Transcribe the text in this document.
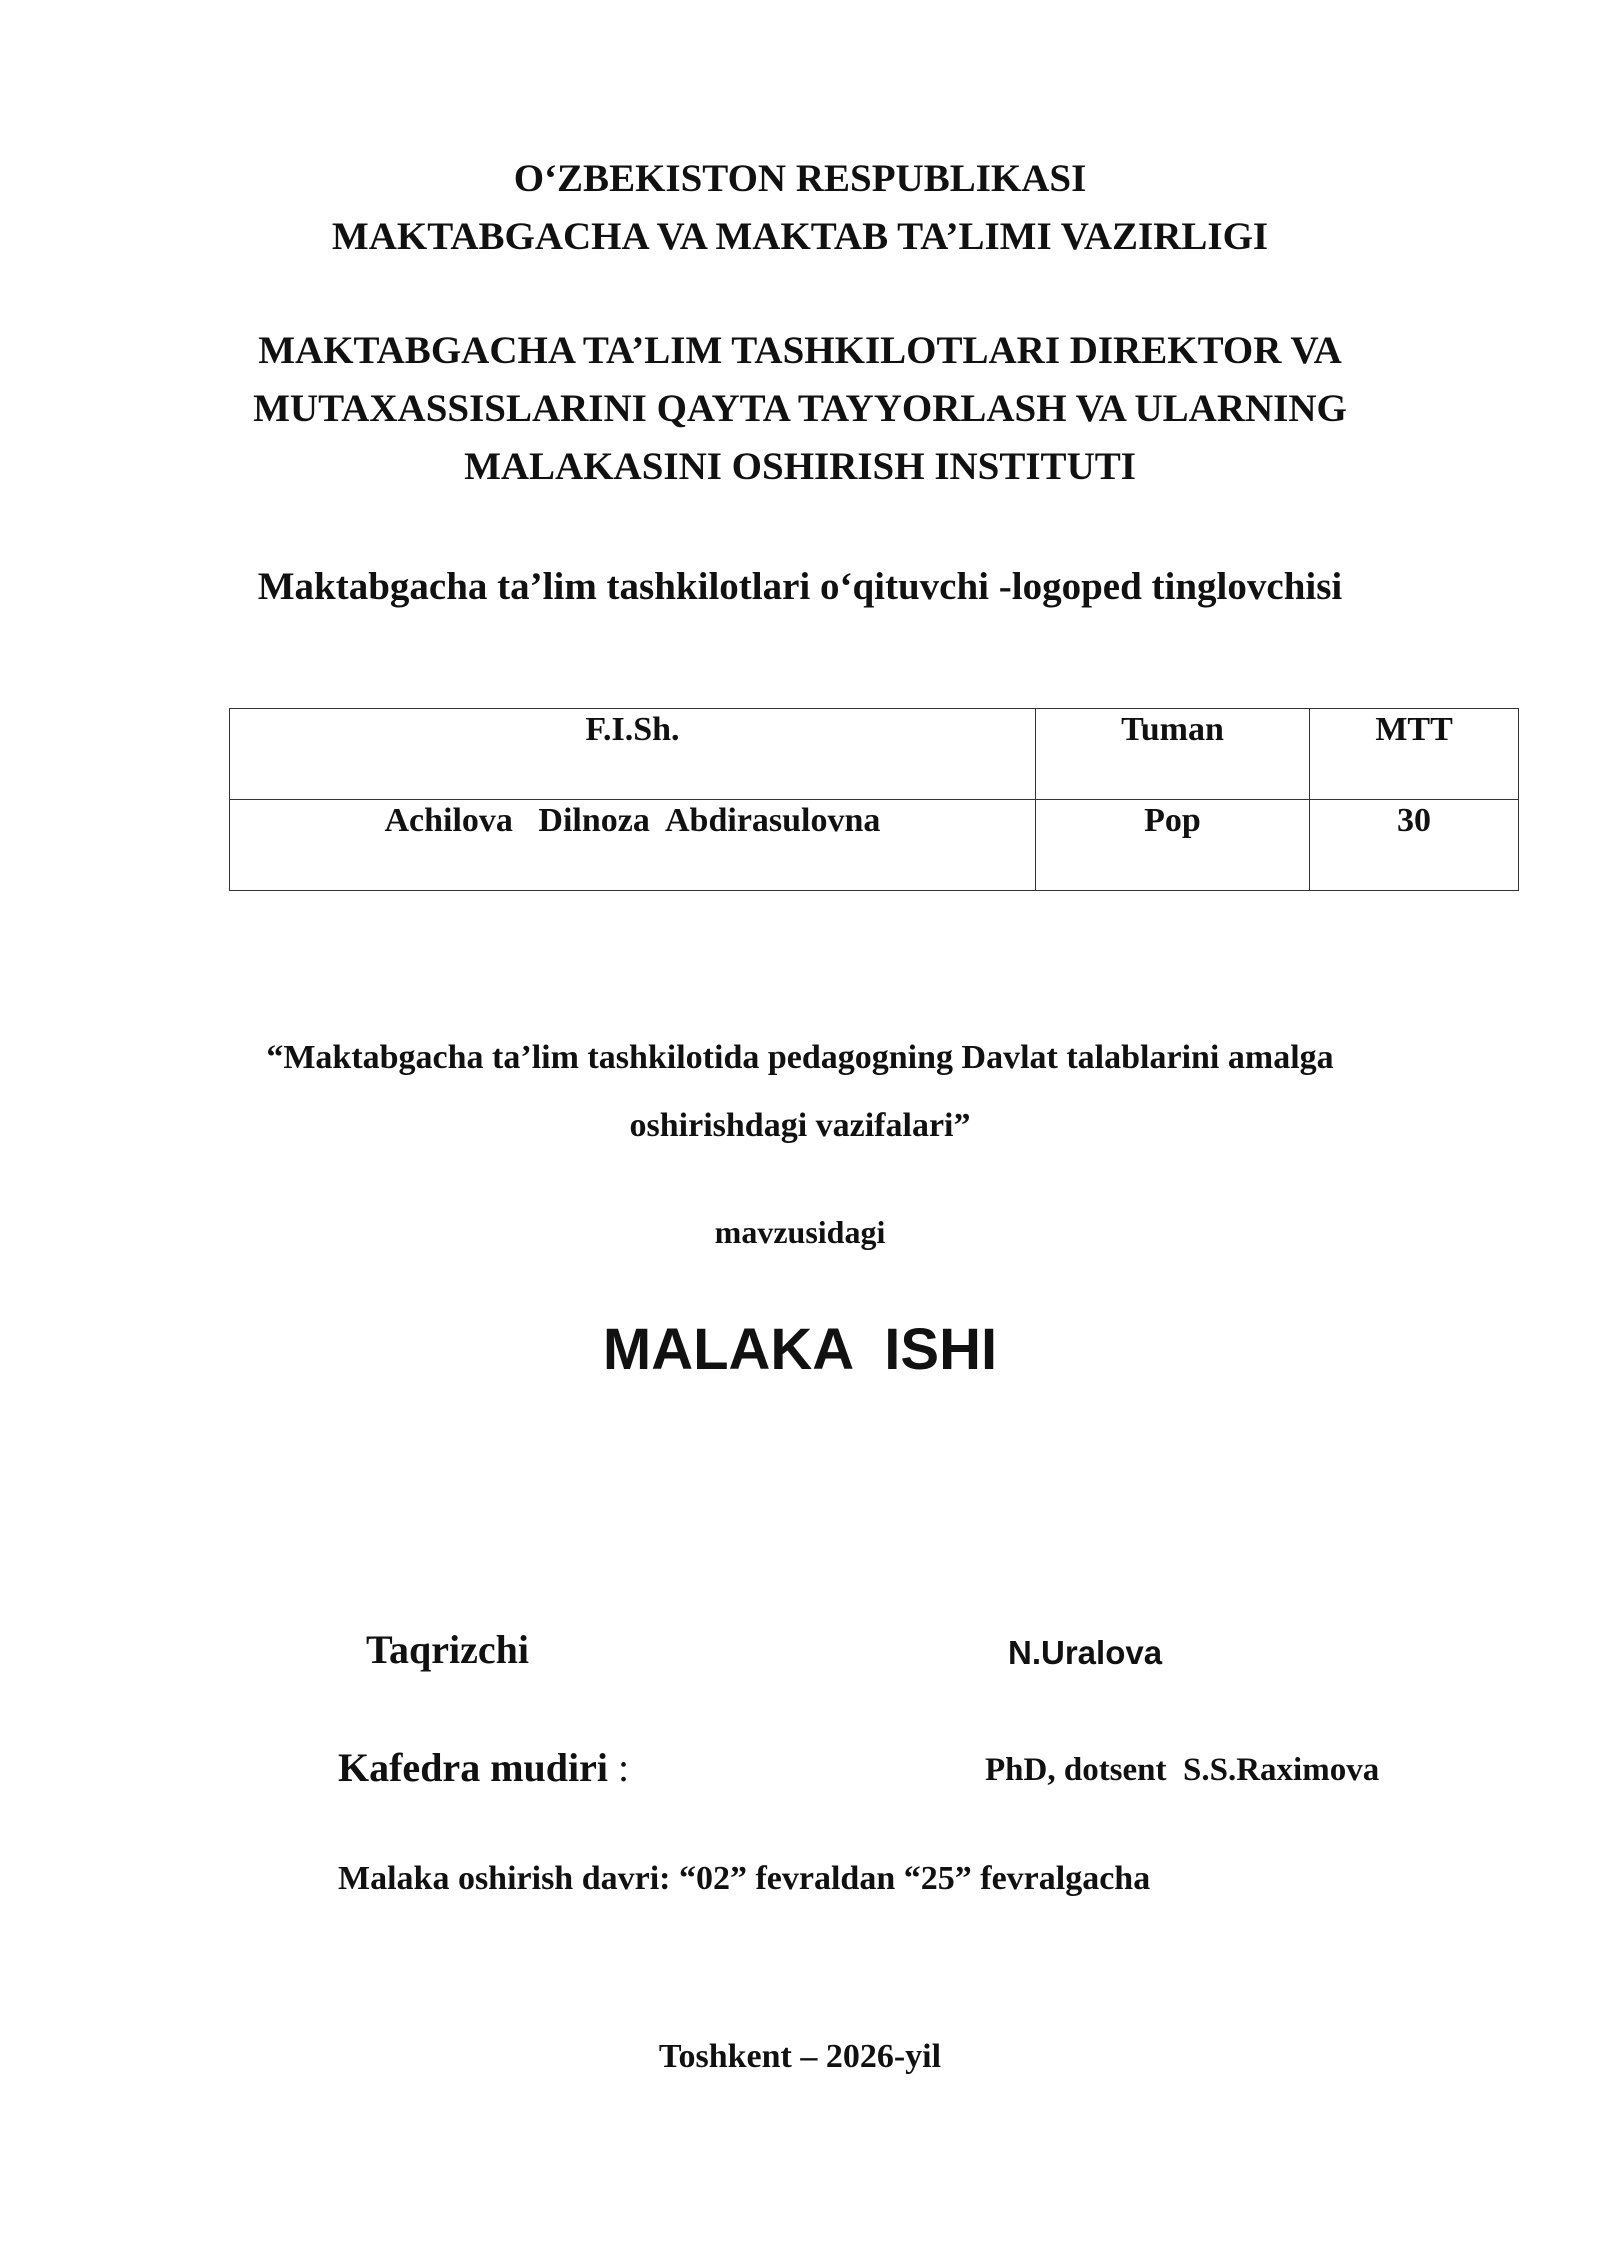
O‘ZBEKISTON RESPUBLIKASI
MAKTABGACHA VA MAKTAB TA’LIMI VAZIRLIGI
MAKTABGACHA TA’LIM TASHKILOTLARI DIREKTOR VA
MUTAXASSISLARINI QAYTA TAYYORLASH VA ULARNING
MALAKASINI OSHIRISH INSTITUTI
Maktabgacha ta’lim tashkilotlari o‘qituvchi -logoped tinglovchisi
F.I.Sh.	Tuman	MTT
Achilova   Dilnoza  Abdirasulovna	Pop	30
“Maktabgacha ta’lim tashkilotida pedagogning Davlat talablarini amalga
oshirishdagi vazifalari”
mavzusidagi
MALAKA  ISHI
Taqrizchi	N.Uralova
Kafedra mudiri :	PhD, dotsent  S.S.Raximova
Malaka oshirish davri: “02” fevraldan “25” fevralgacha
Toshkent – 2026-yil
